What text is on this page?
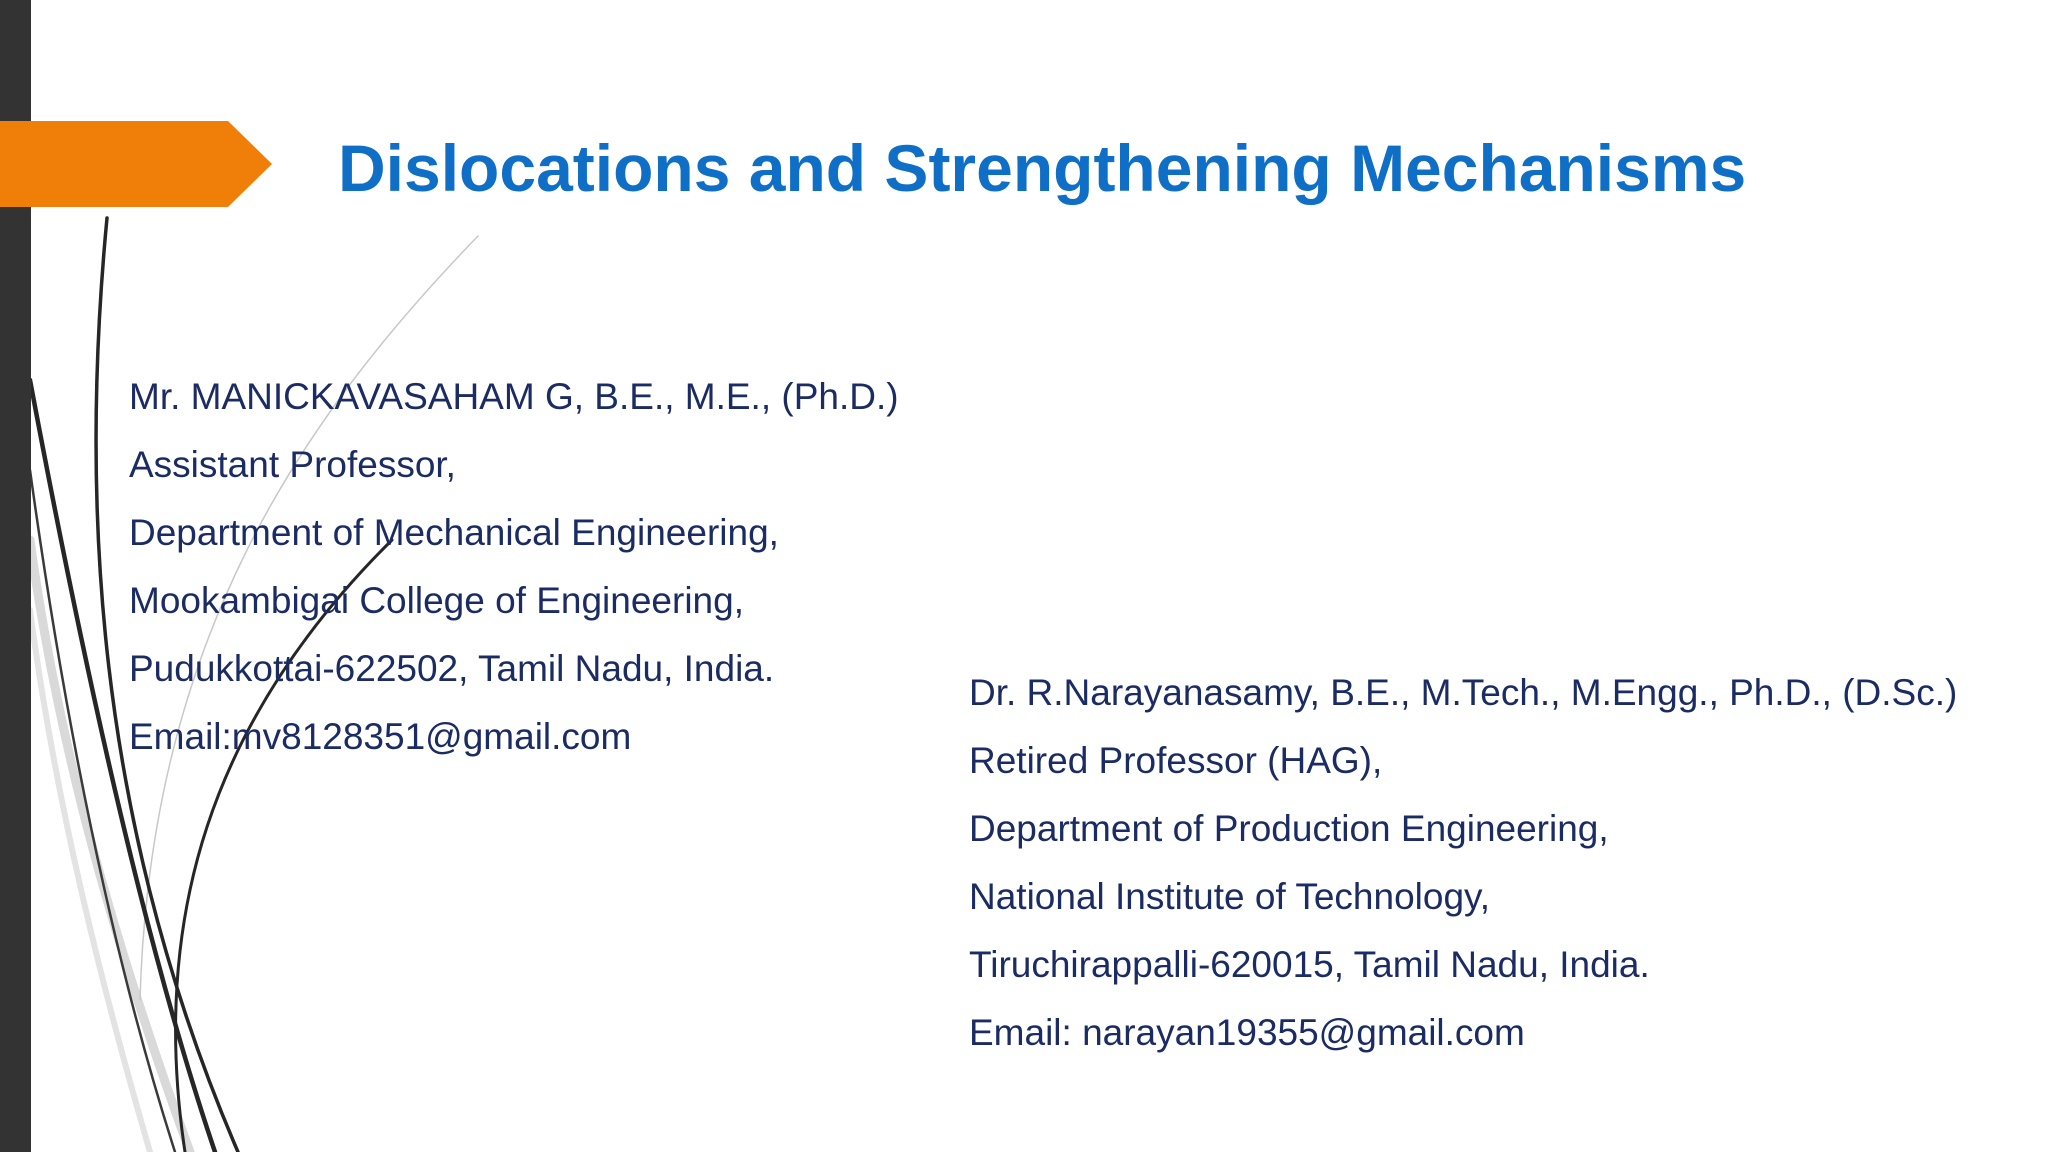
Dislocations and Strengthening Mechanisms
Mr. MANICKAVASAHAM G, B.E., M.E., (Ph.D.)
Assistant Professor,
Department of Mechanical Engineering,
Mookambigai College of Engineering,
Pudukkottai-622502, Tamil Nadu, India.
Email:mv8128351@gmail.com
Dr. R.Narayanasamy, B.E., M.Tech., M.Engg., Ph.D., (D.Sc.)
Retired Professor (HAG),
Department of Production Engineering,
National Institute of Technology,
Tiruchirappalli-620015, Tamil Nadu, India.
Email: narayan19355@gmail.com
